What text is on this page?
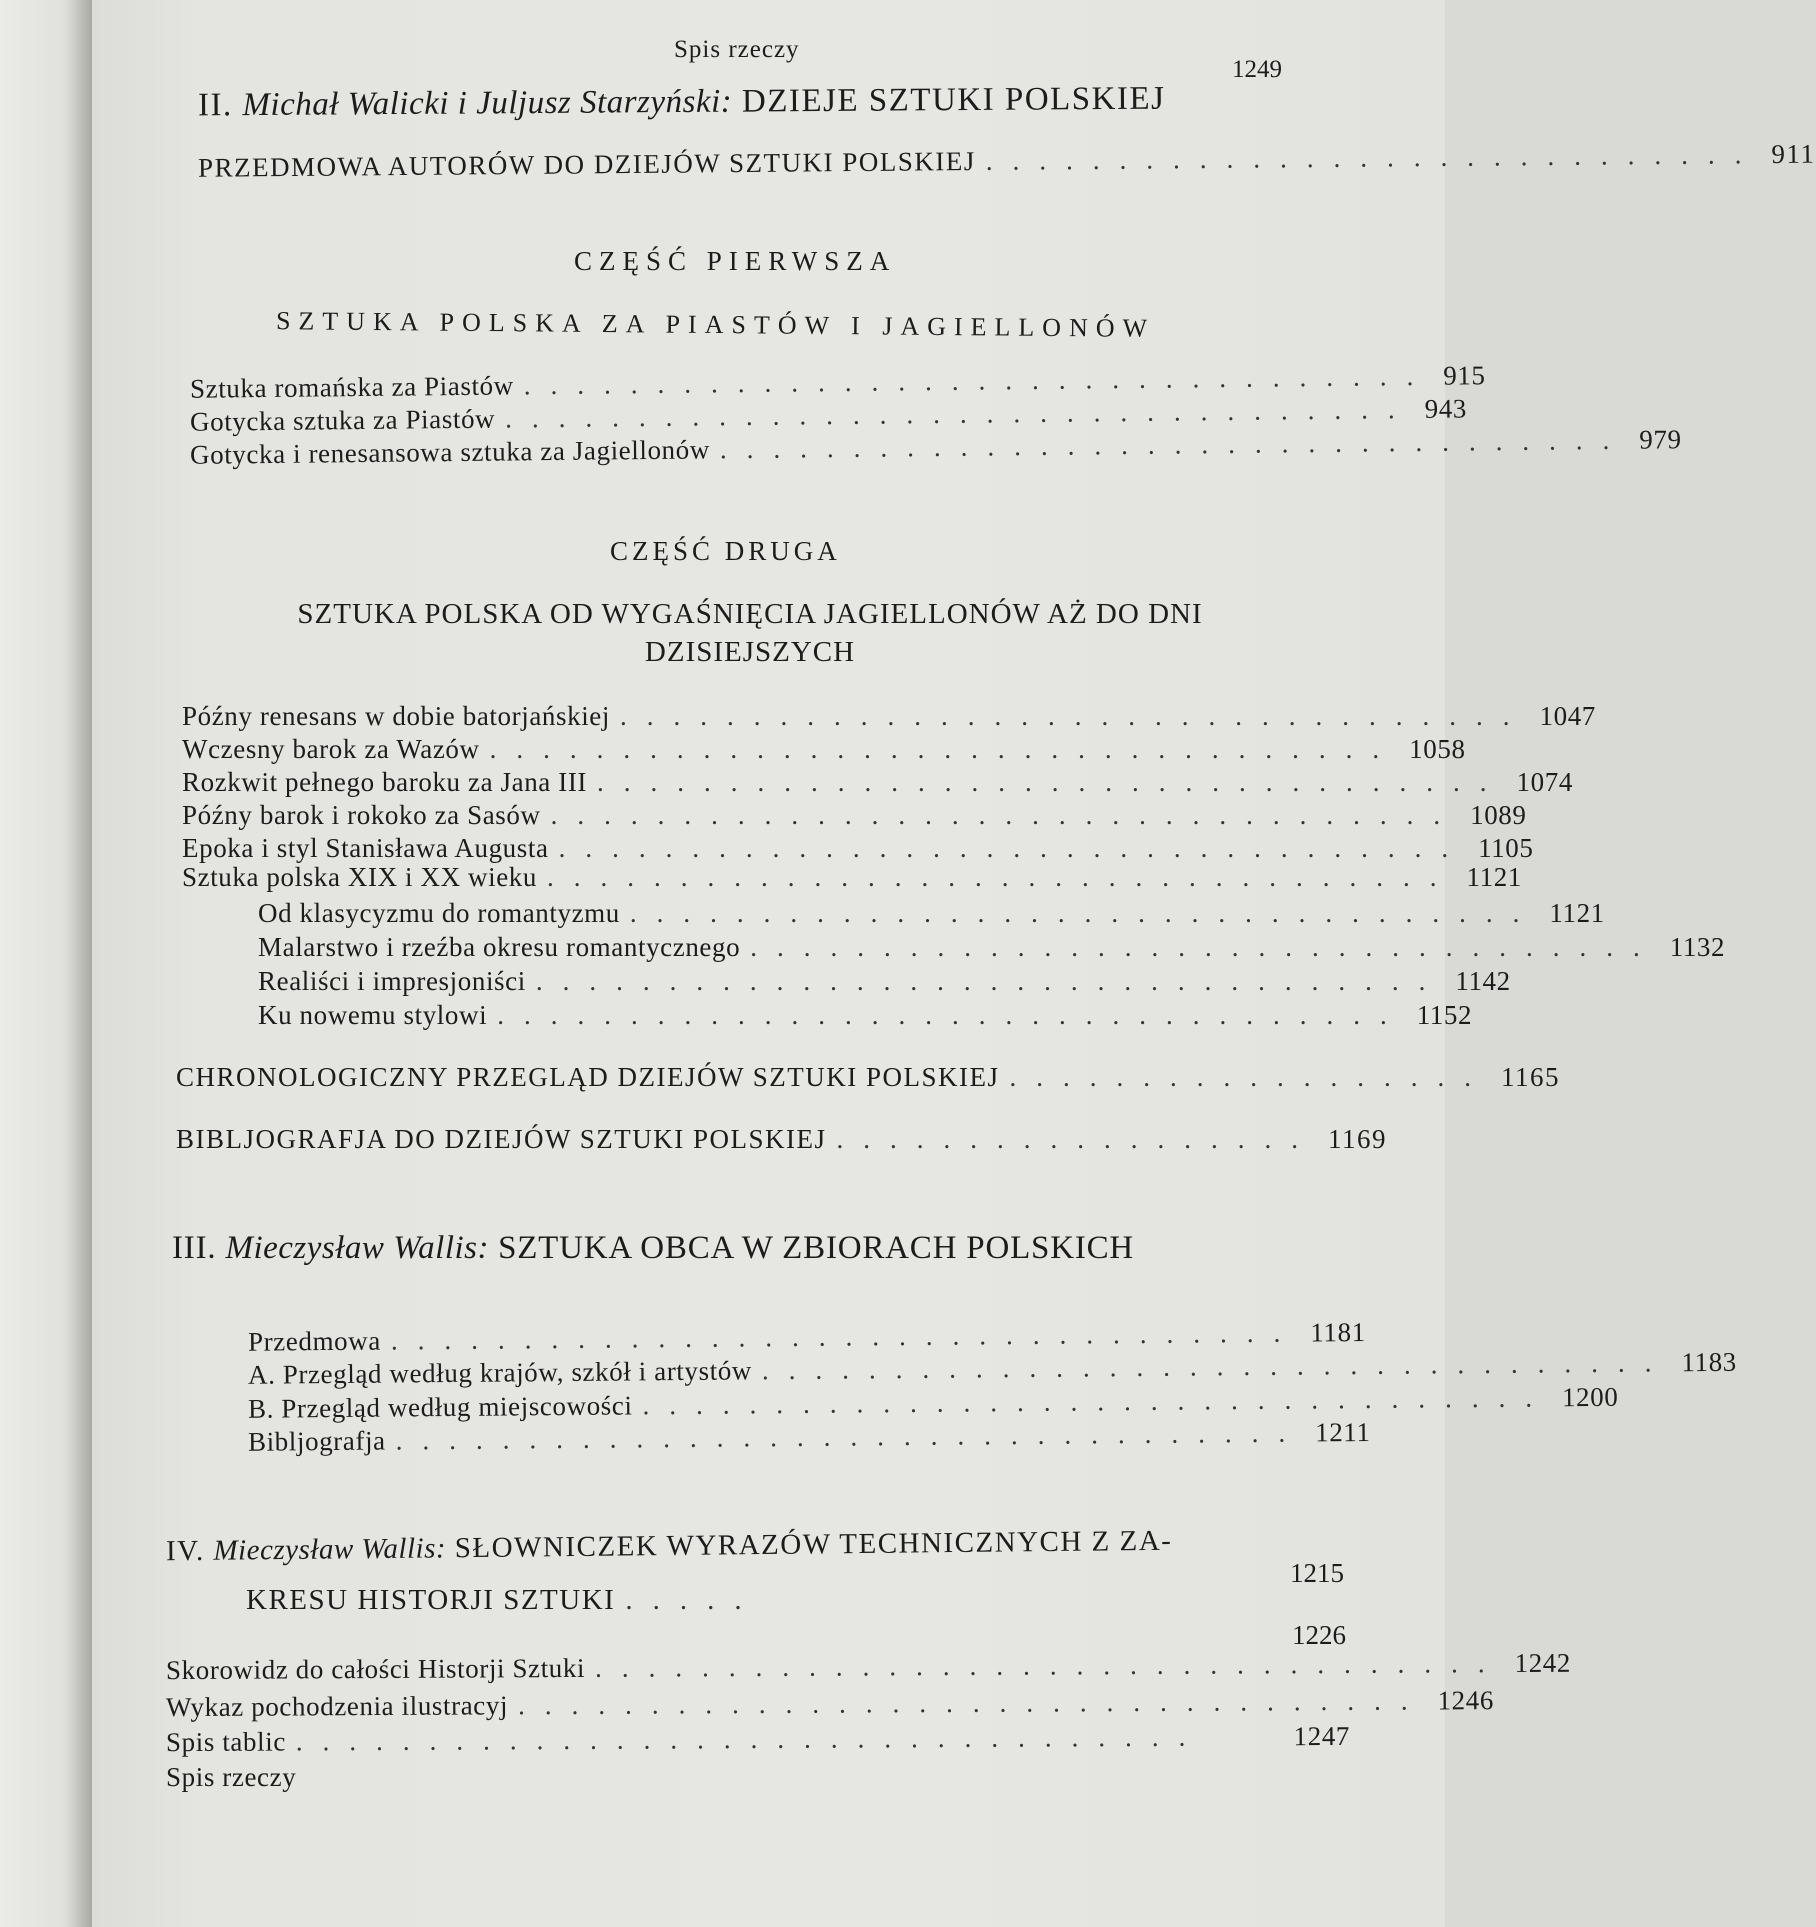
Spis rzeczy
1249
II. Michał Walicki i Juljusz Starzyński: DZIEJE SZTUKI POLSKIEJ
PRZEDMOWA AUTORÓW DO DZIEJÓW SZTUKI POLSKIEJ ............................. 911
CZĘŚĆ PIERWSZA
SZTUKA POLSKA ZA PIASTÓW I JAGIELLONÓW
Sztuka romańska za Piastów .................................. 915
Gotycka sztuka za Piastów .................................. 943
Gotycka i renesansowa sztuka za Jagiellonów .................................. 979
CZĘŚĆ DRUGA
SZTUKA POLSKA OD WYGAŚNIĘCIA JAGIELLONÓW AŻ DO DNI
DZISIEJSZYCH
Późny renesans w dobie batorjańskiej .................................. 1047
Wczesny barok za Wazów .................................. 1058
Rozkwit pełnego baroku za Jana III .................................. 1074
Późny barok i rokoko za Sasów .................................. 1089
Epoka i styl Stanisława Augusta .................................. 1105
Sztuka polska XIX i XX wieku .................................. 1121
Od klasycyzmu do romantyzmu .................................. 1121
Malarstwo i rzeźba okresu romantycznego .................................. 1132
Realiści i impresjoniści .................................. 1142
Ku nowemu stylowi .................................. 1152
CHRONOLOGICZNY PRZEGLĄD DZIEJÓW SZTUKI POLSKIEJ .................. 1165
BIBLJOGRAFJA DO DZIEJÓW SZTUKI POLSKIEJ .................. 1169
III. Mieczysław Wallis: SZTUKA OBCA W ZBIORACH POLSKICH
Przedmowa .................................. 1181
A. Przegląd według krajów, szkół i artystów .................................. 1183
B. Przegląd według miejscowości .................................. 1200
Bibljografja .................................. 1211
IV. Mieczysław Wallis: SŁOWNICZEK WYRAZÓW TECHNICZNYCH Z ZA-
1215
KRESU HISTORJI SZTUKI .....
1226
Skorowidz do całości Historji Sztuki .................................. 1242
Wykaz pochodzenia ilustracyj .................................. 1246
Spis tablic ..................................	1247
Spis rzeczy
